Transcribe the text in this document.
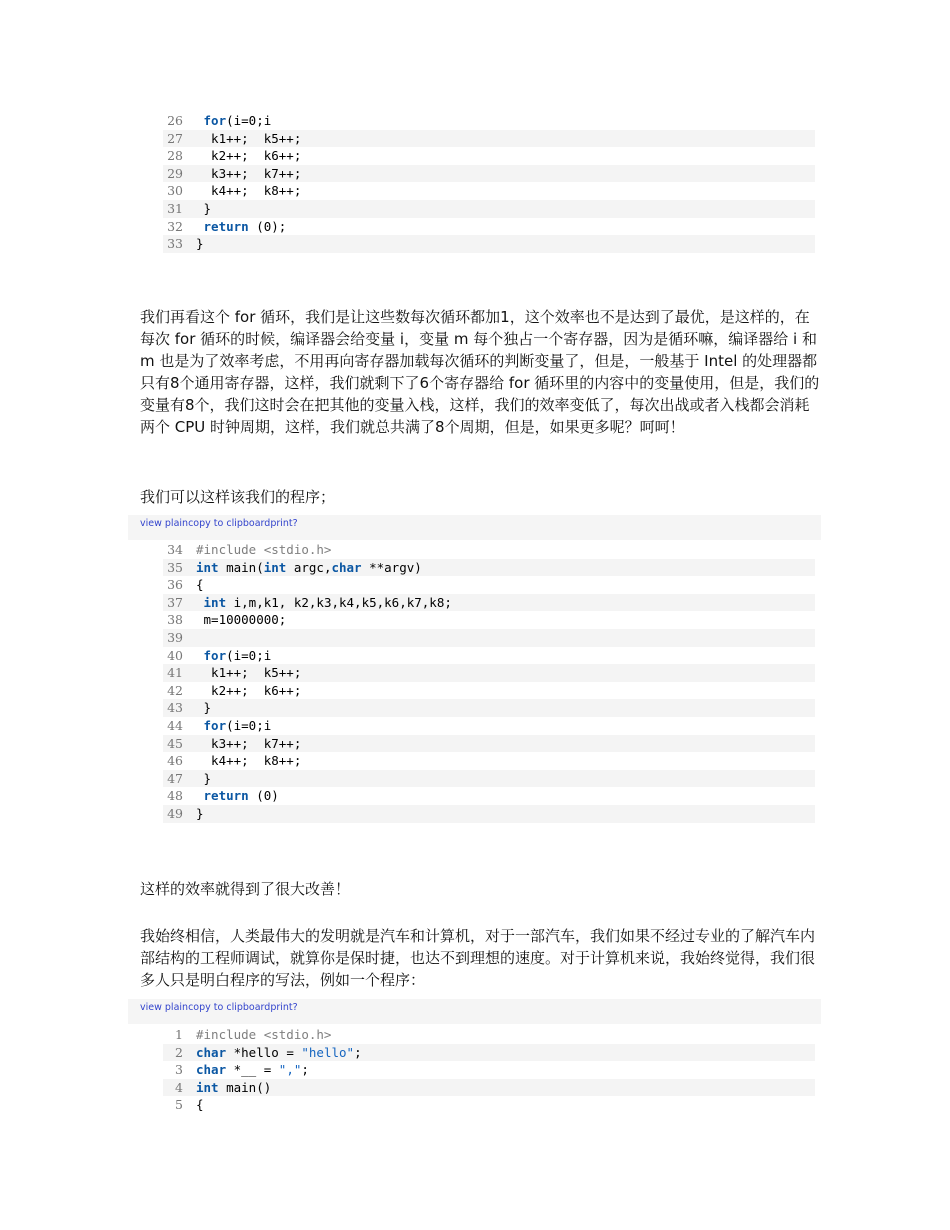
26	for(i=0;i
27	k1++;  k5++;
28	k2++;  k6++;
29	k3++;  k7++;
30	k4++;  k8++;
31	}
32	return (0);
33	}

我们再看这个 for 循环，我们是让这些数每次循环都加1，这个效率也不是达到了最优，是这样的，在每次 for 循环的时候，编译器会给变量 i，变量 m 每个独占一个寄存器，因为是循环嘛，编译器给 i 和 m 也是为了效率考虑，不用再向寄存器加载每次循环的判断变量了，但是，一般基于 Intel 的处理器都只有8个通用寄存器，这样，我们就剩下了6个寄存器给 for 循环里的内容中的变量使用，但是，我们的变量有8个，我们这时会在把其他的变量入栈，这样，我们的效率变低了，每次出战或者入栈都会消耗两个 CPU 时钟周期，这样，我们就总共满了8个周期，但是，如果更多呢？呵呵！

我们可以这样该我们的程序；

view plaincopy to clipboardprint?
34	#include <stdio.h>
35	int main(int argc,char **argv)
36	{
37	int i,m,k1, k2,k3,k4,k5,k6,k7,k8;
38	m=10000000;
39
40	for(i=0;i
41	k1++;  k5++;
42	k2++;  k6++;
43	}
44	for(i=0;i
45	k3++;  k7++;
46	k4++;  k8++;
47	}
48	return (0)
49	}

这样的效率就得到了很大改善！

我始终相信，人类最伟大的发明就是汽车和计算机，对于一部汽车，我们如果不经过专业的了解汽车内部结构的工程师调试，就算你是保时捷，也达不到理想的速度。对于计算机来说，我始终觉得，我们很多人只是明白程序的写法，例如一个程序：

view plaincopy to clipboardprint?
1	#include <stdio.h>
2	char *hello = "hello";
3	char *__ = ",";
4	int main()
5	{
